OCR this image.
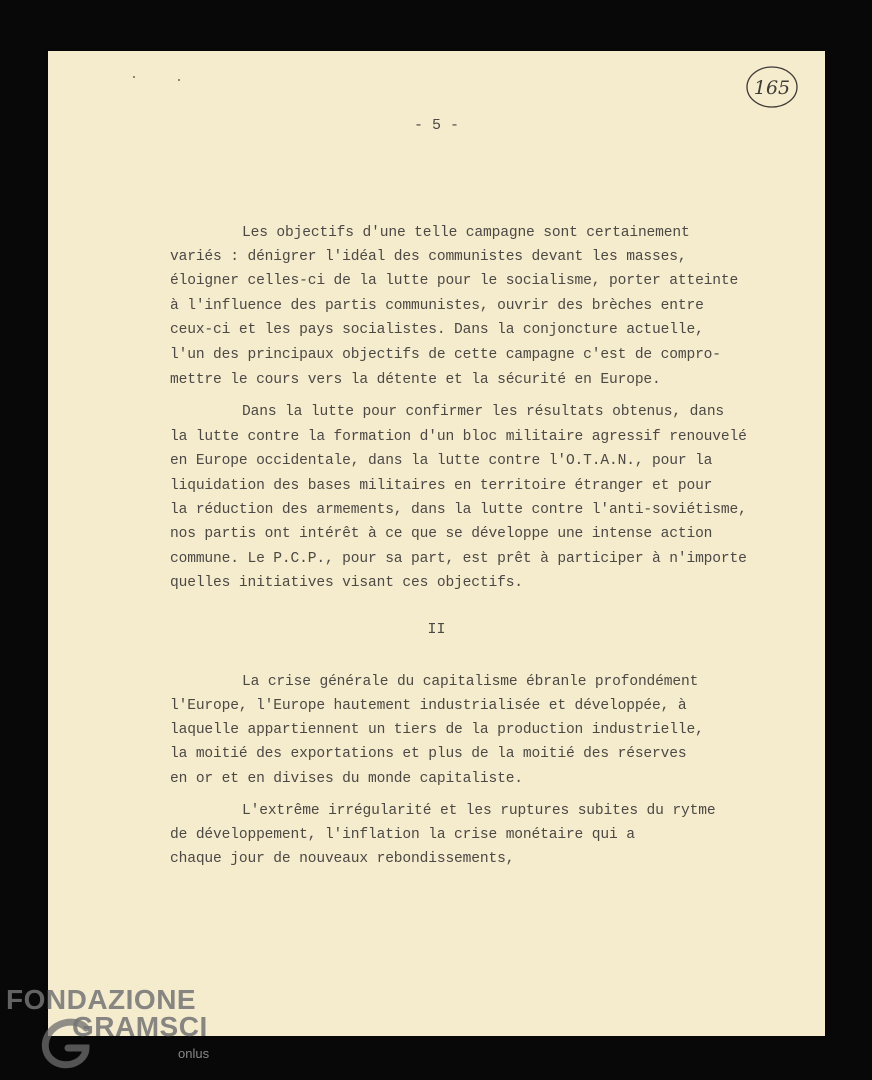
165
- 5 -
Les objectifs d'une telle campagne sont certainement
variés : dénigrer l'idéal des communistes devant les masses,
éloigner celles-ci de la lutte pour le socialisme, porter atteinte
à l'influence des partis communistes, ouvrir des brèches entre
ceux-ci et les pays socialistes. Dans la conjoncture actuelle,
l'un des principaux objectifs de cette campagne c'est de compro-
mettre le cours vers la détente et la sécurité en Europe.
Dans la lutte pour confirmer les résultats obtenus, dans
la lutte contre la formation d'un bloc militaire agressif renouvelé
en Europe occidentale, dans la lutte contre l'O.T.A.N., pour la
liquidation des bases militaires en territoire étranger et pour
la réduction des armements, dans la lutte contre l'anti-soviétisme,
nos partis ont intérêt à ce que se développe une intense action
commune. Le P.C.P., pour sa part, est prêt à participer à n'importe
quelles initiatives visant ces objectifs.
La crise générale du capitalisme ébranle profondément
l'Europe, l'Europe hautement industrialisée et développée, à
laquelle appartiennent un tiers de la production industrielle,
la moitié des exportations et plus de la moitié des réserves
en or et en divises du monde capitaliste.
L'extrême irrégularité et les ruptures subites du rytme
de développement, l'inflation la crise monétaire qui a
chaque jour de nouveaux rebondissements,
II
FONDAZIONE
GRAMSCI
onlus
